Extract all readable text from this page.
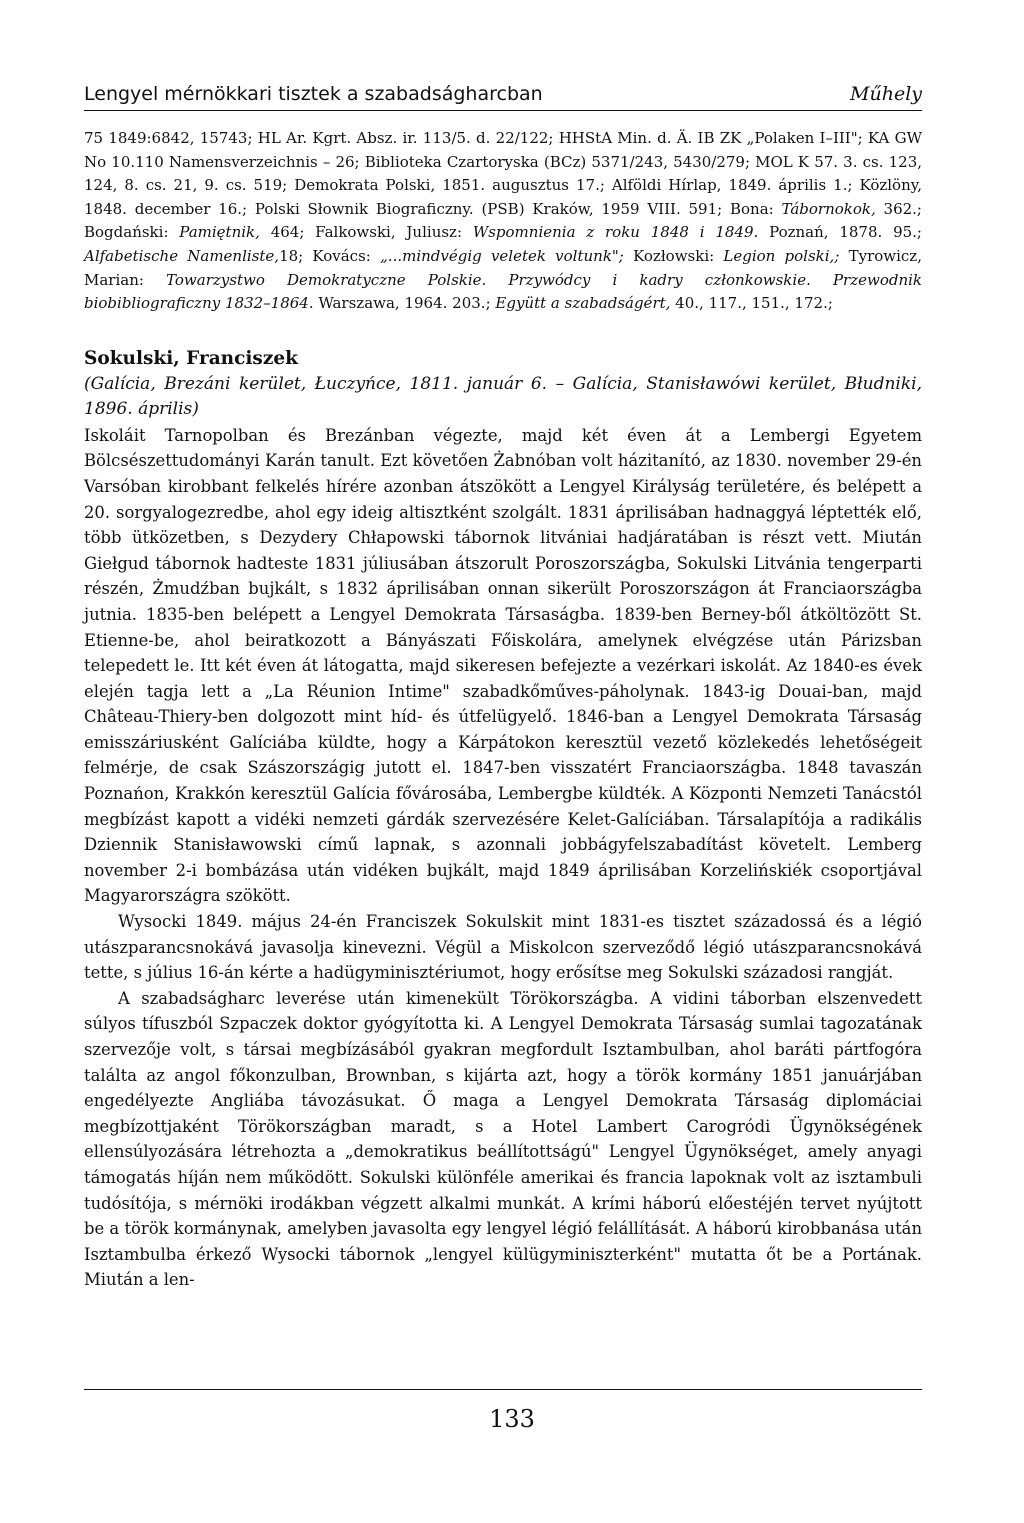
Lengyel mérnökkari tisztek a szabadságharcban	Műhely
75 1849:6842, 15743; HL Ar. Kgrt. Absz. ir. 113/5. d. 22/122; HHStA Min. d. Ä. IB ZK „Polaken I–III"; KA GW No 10.110 Namensverzeichnis – 26; Biblioteka Czartoryska (BCz) 5371/243, 5430/279; MOL K 57. 3. cs. 123, 124, 8. cs. 21, 9. cs. 519; Demokrata Polski, 1851. augusztus 17.; Alföldi Hírlap, 1849. április 1.; Közlöny, 1848. december 16.; Polski Słownik Biograficzny. (PSB) Kraków, 1959 VIII. 591; Bona: Tábornokok, 362.; Bogdański: Pamiętnik, 464; Falkowski, Juliusz: Wspomnienia z roku 1848 i 1849. Poznań, 1878. 95.; Alfabetische Namenliste,18; Kovács: „...mindvégig veletek voltunk"; Kozłowski: Legion polski,; Tyrowicz, Marian: Towarzystwo Demokratyczne Polskie. Przywódcy i kadry członkowskie. Przewodnik biobibliograficzny 1832–1864. Warszawa, 1964. 203.; Együtt a szabadságért, 40., 117., 151., 172.;
Sokulski, Franciszek
(Galícia, Brezáni kerület, Łuczyńce, 1811. január 6. – Galícia, Stanisławówi kerület, Błudniki, 1896. április)

Iskoláit Tarnopolban és Brezánban végezte, majd két éven át a Lembergi Egyetem Bölcsészettudományi Karán tanult. Ezt követően Żabnóban volt házitanító, az 1830. november 29-én Varsóban kirobbant felkelés hírére azonban átszökött a Lengyel Királyság területére, és belépett a 20. sorgyalogezredbe, ahol egy ideig altisztként szolgált. 1831 áprilisában hadnaggyá léptették elő, több ütközetben, s Dezydery Chłapowski tábornok litvániai hadjáratában is részt vett. Miután Giełgud tábornok hadteste 1831 júliusában átszorult Poroszországba, Sokulski Litvánia tengerparti részén, Żmudźban bujkált, s 1832 áprilisában onnan sikerült Poroszországon át Franciaországba jutnia. 1835-ben belépett a Lengyel Demokrata Társaságba. 1839-ben Berney-ből átköltözött St. Etienne-be, ahol beiratkozott a Bányászati Főiskolára, amelynek elvégzése után Párizsban telepedett le. Itt két éven át látogatta, majd sikeresen befejezte a vezérkari iskolát. Az 1840-es évek elején tagja lett a „La Réunion Intime" szabadkőműves-páholynak. 1843-ig Douai-ban, majd Château-Thiery-ben dolgozott mint híd- és útfelügyelő. 1846-ban a Lengyel Demokrata Társaság emisszáriusként Galíciába küldte, hogy a Kárpátokon keresztül vezető közlekedés lehetőségeit felmérje, de csak Szászországig jutott el. 1847-ben visszatért Franciaországba. 1848 tavaszán Poznańon, Krakkón keresztül Galícia fővárosába, Lembergbe küldték. A Központi Nemzeti Tanácstól megbízást kapott a vidéki nemzeti gárdák szervezésére Kelet-Galíciában. Társalapítója a radikális Dziennik Stanisławowski című lapnak, s azonnali jobbágyfelszabadítást követelt. Lemberg november 2-i bombázása után vidéken bujkált, majd 1849 áprilisában Korzelińskiék csoportjával Magyarországra szökött.

Wysocki 1849. május 24-én Franciszek Sokulskit mint 1831-es tisztet századossá és a légió utászparancsnokává javasolja kinevezni. Végül a Miskolcon szerveződő légió utászparancsnokává tette, s július 16-án kérte a hadügyminisztériumot, hogy erősítse meg Sokulski századosi rangját.

A szabadságharc leverése után kimenekült Törökországba. A vidini táborban elszenvedett súlyos tífuszból Szpaczek doktor gyógyította ki. A Lengyel Demokrata Társaság sumlai tagozatának szervezője volt, s társai megbízásából gyakran megfordult Isztambulban, ahol baráti pártfogóra találta az angol főkonzulban, Brownban, s kijárta azt, hogy a török kormány 1851 januárjában engedélyezte Angliába távozásukat. Ő maga a Lengyel Demokrata Társaság diplomáciai megbízottjaként Törökországban maradt, s a Hotel Lambert Carogródi Ügynökségének ellensúlyozására létrehozta a „demokratikus beállítottságú" Lengyel Ügynökséget, amely anyagi támogatás híján nem működött. Sokulski különféle amerikai és francia lapoknak volt az isztambuli tudósítója, s mérnöki irodákban végzett alkalmi munkát. A krími háború előestéjén tervet nyújtott be a török kormánynak, amelyben javasolta egy lengyel légió felállítását. A háború kirobbanása után Isztambulba érkező Wysocki tábornok „lengyel külügyminiszterként" mutatta őt be a Portának. Miután a len-

133
